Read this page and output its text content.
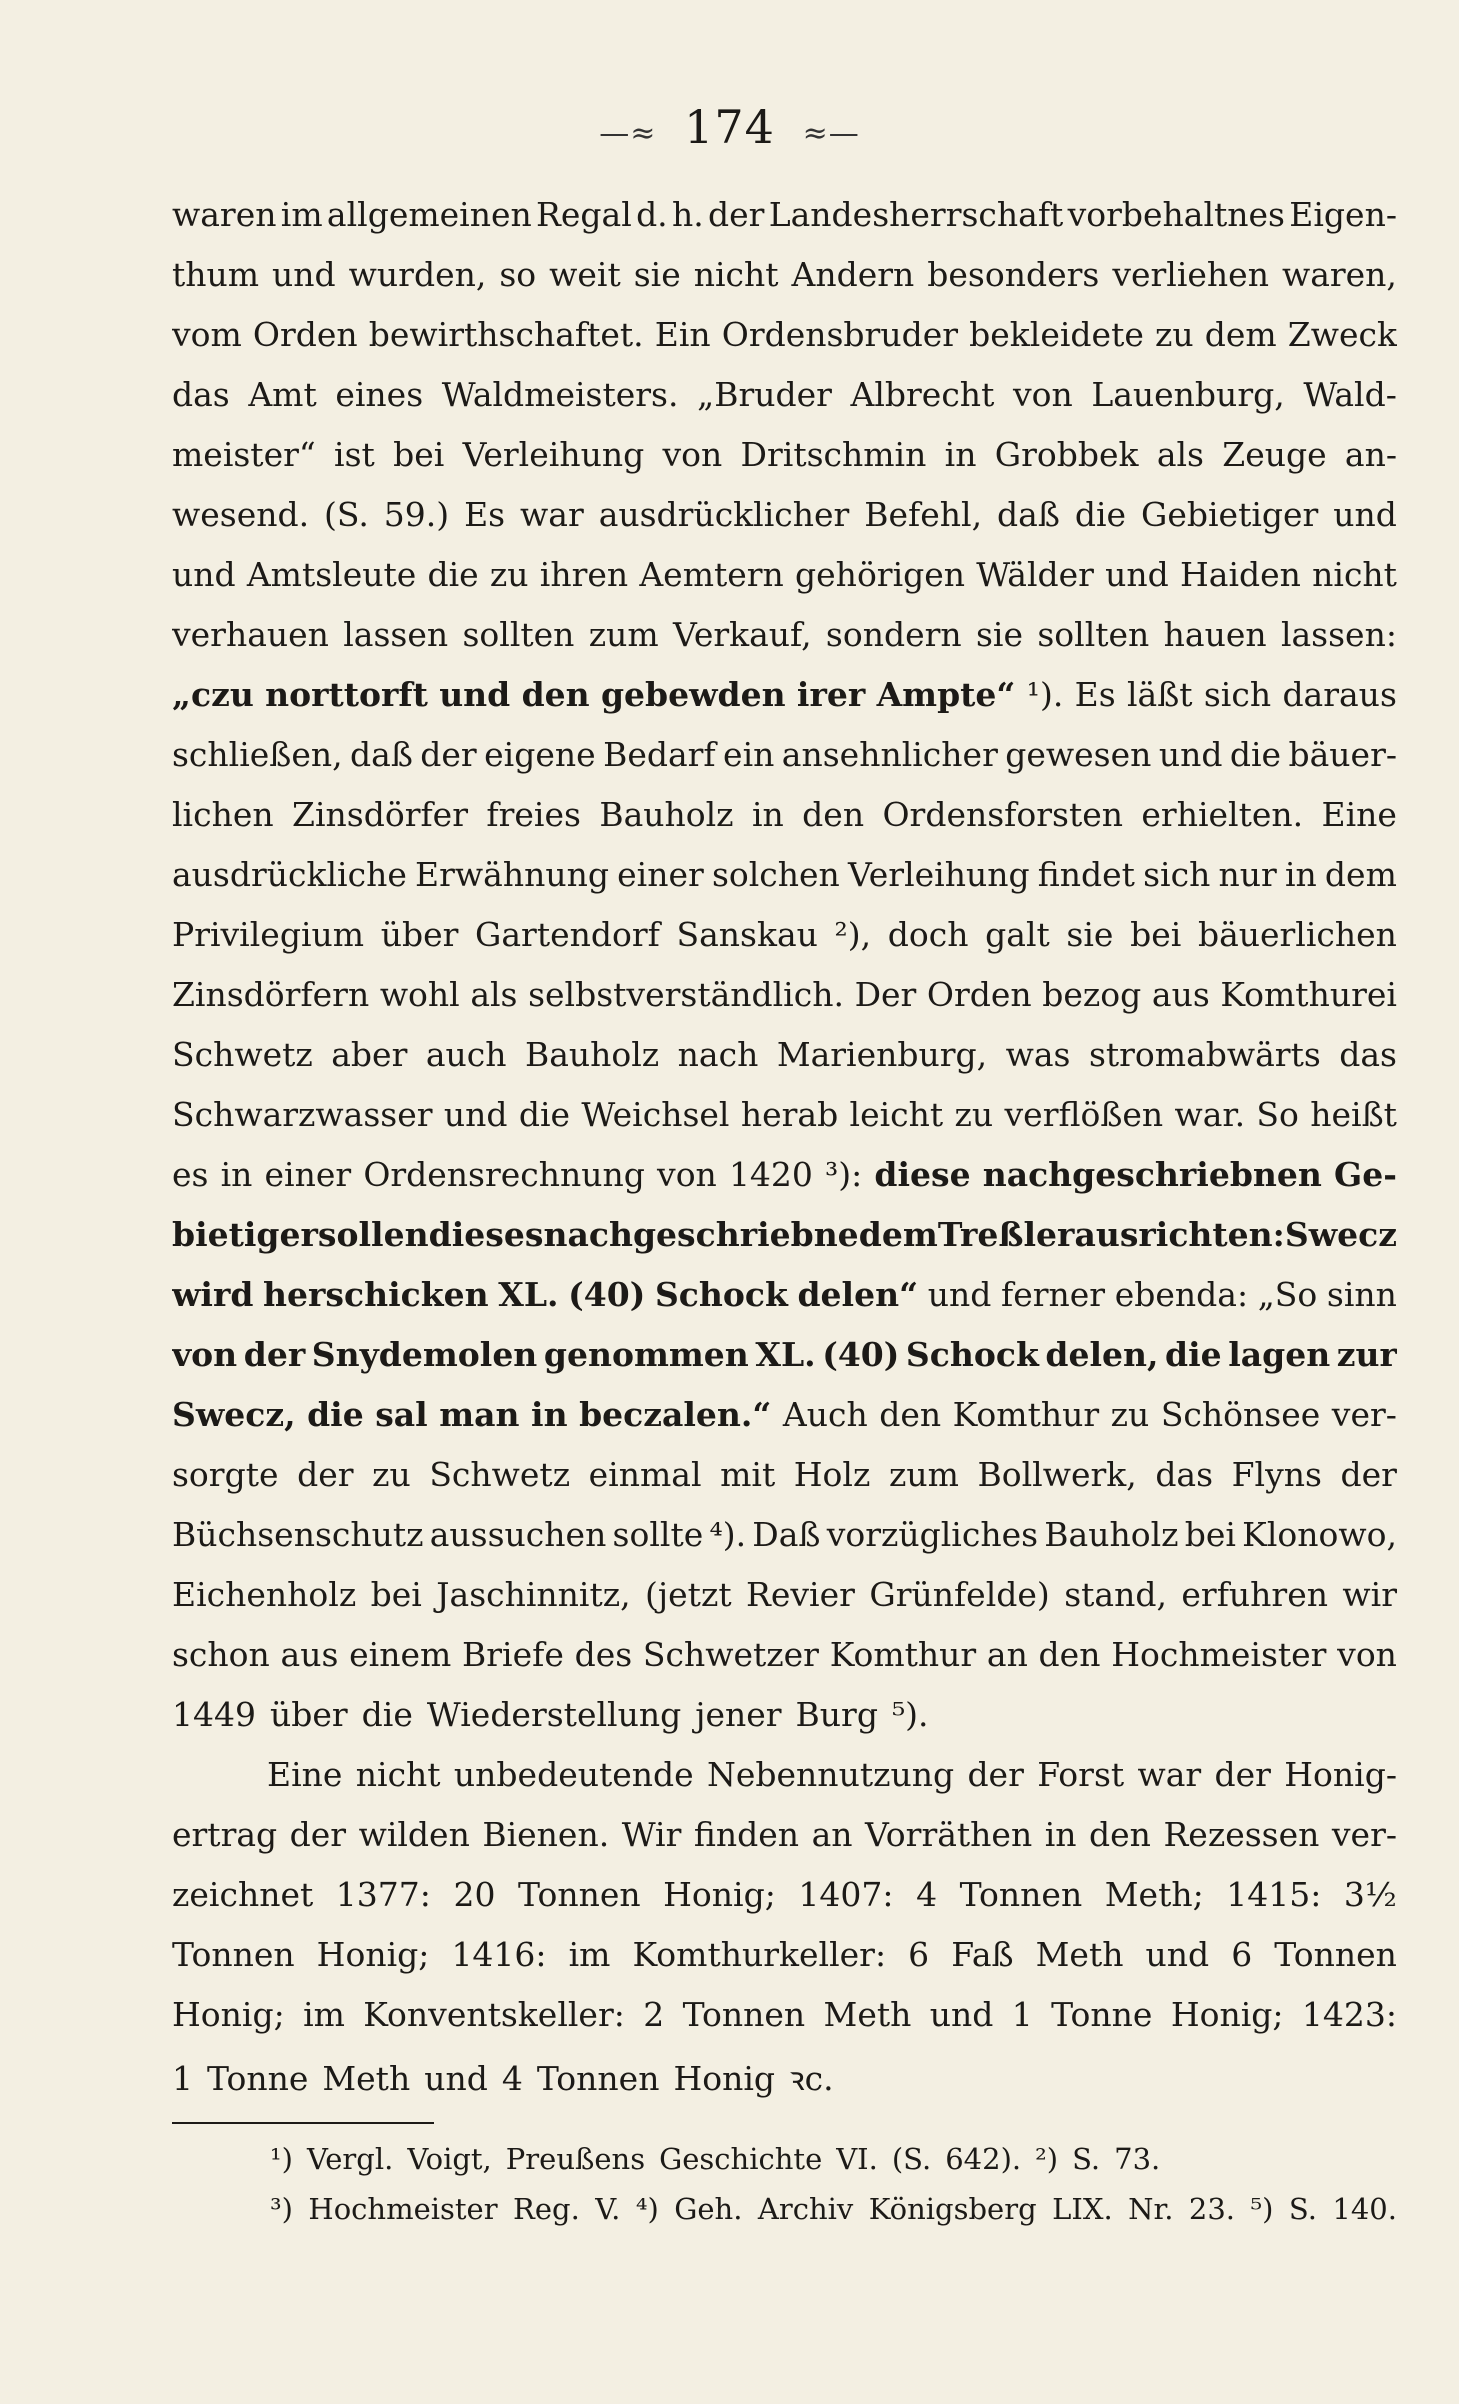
—≈ 174 ≈—
waren im allgemeinen Regal d. h. der Landesherrschaft vorbehaltnes Eigen-
thum und wurden, so weit sie nicht Andern besonders verliehen waren,
vom Orden bewirthschaftet. Ein Ordensbruder bekleidete zu dem Zweck
das Amt eines Waldmeisters. „Bruder Albrecht von Lauenburg, Wald-
meister“ ist bei Verleihung von Dritschmin in Grobbek als Zeuge an-
wesend. (S. 59.) Es war ausdrücklicher Befehl, daß die Gebietiger und
und Amtsleute die zu ihren Aemtern gehörigen Wälder und Haiden nicht
verhauen lassen sollten zum Verkauf, sondern sie sollten hauen lassen:
„czu norttorft und den gebewden irer Ampte“ ¹). Es läßt sich daraus
schließen, daß der eigene Bedarf ein ansehnlicher gewesen und die bäuer-
lichen Zinsdörfer freies Bauholz in den Ordensforsten erhielten. Eine
ausdrückliche Erwähnung einer solchen Verleihung findet sich nur in dem
Privilegium über Gartendorf Sanskau ²), doch galt sie bei bäuerlichen
Zinsdörfern wohl als selbstverständlich. Der Orden bezog aus Komthurei
Schwetz aber auch Bauholz nach Marienburg, was stromabwärts das
Schwarzwasser und die Weichsel herab leicht zu verflößen war. So heißt
es in einer Ordensrechnung von 1420 ³): diese nachgeschriebnen Ge-
bietiger sollen dieses nachgeschriebne dem Treßler ausrichten: Swecz
wird herschicken XL. (40) Schock delen“ und ferner ebenda: „So sinn
von der Snydemolen genommen XL. (40) Schock delen, die lagen zur
Swecz, die sal man in beczalen.“ Auch den Komthur zu Schönsee ver-
sorgte der zu Schwetz einmal mit Holz zum Bollwerk, das Flyns der
Büchsenschutz aussuchen sollte ⁴). Daß vorzügliches Bauholz bei Klonowo,
Eichenholz bei Jaschinnitz, (jetzt Revier Grünfelde) stand, erfuhren wir
schon aus einem Briefe des Schwetzer Komthur an den Hochmeister von
1449 über die Wiederstellung jener Burg ⁵).
Eine nicht unbedeutende Nebennutzung der Forst war der Honig-
ertrag der wilden Bienen. Wir finden an Vorräthen in den Rezessen ver-
zeichnet 1377: 20 Tonnen Honig; 1407: 4 Tonnen Meth; 1415: 3½
Tonnen Honig; 1416: im Komthurkeller: 6 Faß Meth und 6 Tonnen
Honig; im Konventskeller: 2 Tonnen Meth und 1 Tonne Honig; 1423:
1 Tonne Meth und 4 Tonnen Honig ꝛc.
¹) Vergl. Voigt, Preußens Geschichte VI. (S. 642). ²) S. 73.
³) Hochmeister Reg. V. ⁴) Geh. Archiv Königsberg LIX. Nr. 23. ⁵) S. 140.
